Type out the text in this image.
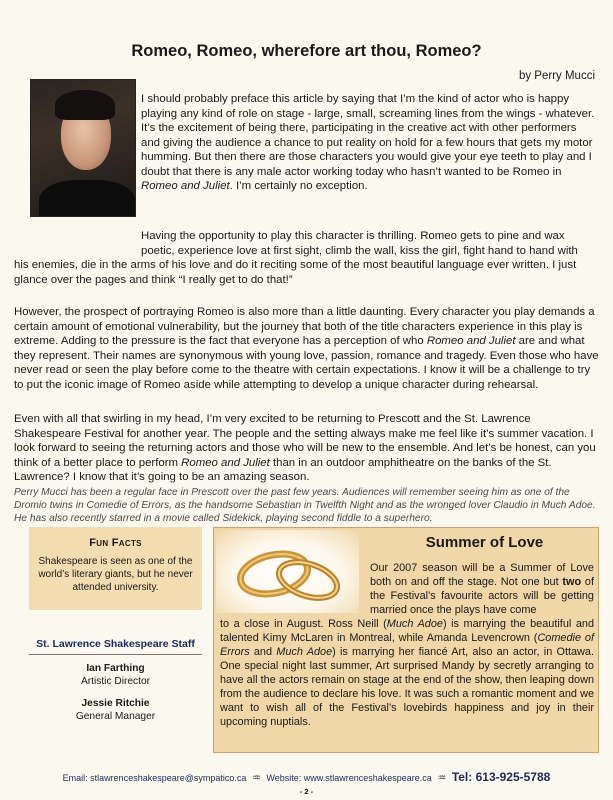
Romeo, Romeo, wherefore art thou, Romeo?
by Perry Mucci

I should probably preface this article by saying that I’m the kind of actor who is happy playing any kind of role on stage - large, small, screaming lines from the wings - whatever. It’s the excitement of being there, participating in the creative act with other performers and giving the audience a chance to put reality on hold for a few hours that gets my motor humming. But then there are those characters you would give your eye teeth to play and I doubt that there is any male actor working today who hasn’t wanted to be Romeo in Romeo and Juliet. I’m certainly no exception.

Having the opportunity to play this character is thrilling. Romeo gets to pine and wax poetic, experience love at first sight, climb the wall, kiss the girl, fight hand to hand with
his enemies, die in the arms of his love and do it reciting some of the most beautiful language ever written. I just glance over the pages and think “I really get to do that!”

However, the prospect of portraying Romeo is also more than a little daunting. Every character you play demands a certain amount of emotional vulnerability, but the journey that both of the title characters experience in this play is extreme. Adding to the pressure is the fact that everyone has a perception of who Romeo and Juliet are and what they represent. Their names are synonymous with young love, passion, romance and tragedy. Even those who have never read or seen the play before come to the theatre with certain expectations. I know it will be a challenge to try to put the iconic image of Romeo aside while attempting to develop a unique character during rehearsal.

Even with all that swirling in my head, I’m very excited to be returning to Prescott and the St. Lawrence Shakespeare Festival for another year. The people and the setting always make me feel like it’s summer vacation. I look forward to seeing the returning actors and those who will be new to the ensemble. And let’s be honest, can you think of a better place to perform Romeo and Juliet than in an outdoor amphitheatre on the banks of the St. Lawrence? I know that it’s going to be an amazing season.

Perry Mucci has been a regular face in Prescott over the past few years. Audiences will remember seeing him as one of the Dromio twins in Comedie of Errors, as the handsome Sebastian in Twelfth Night and as the wronged lover Claudio in Much Adoe. He has also recently starred in a movie called Sidekick, playing second fiddle to a superhero.

Fun Facts
Shakespeare is seen as one of the world’s literary giants, but he never attended university.
St. Lawrence Shakespeare Staff
Ian Farthing
Artistic Director
Jessie Ritchie
General Manager
Summer of Love

Our 2007 season will be a Summer of Love both on and off the stage. Not one but two of the Festival’s favourite actors will be getting married once the plays have come

to a close in August. Ross Neill (Much Adoe) is marrying the beautiful and talented Kimy McLaren in Montreal, while Amanda Levencrown (Comedie of Errors and Much Adoe) is marrying her fiancé Art, also an actor, in Ottawa. One special night last summer, Art surprised Mandy by secretly arranging to have all the actors remain on stage at the end of the show, then leaping down from the audience to declare his love. It was such a romantic moment and we want to wish all of the Festival’s lovebirds happiness and joy in their upcoming nuptials.

Email: stlawrenceshakespeare@sympatico.ca ♒ Website: www.stlawrenceshakespeare.ca ♒ Tel: 613-925-5788
- 2 -
